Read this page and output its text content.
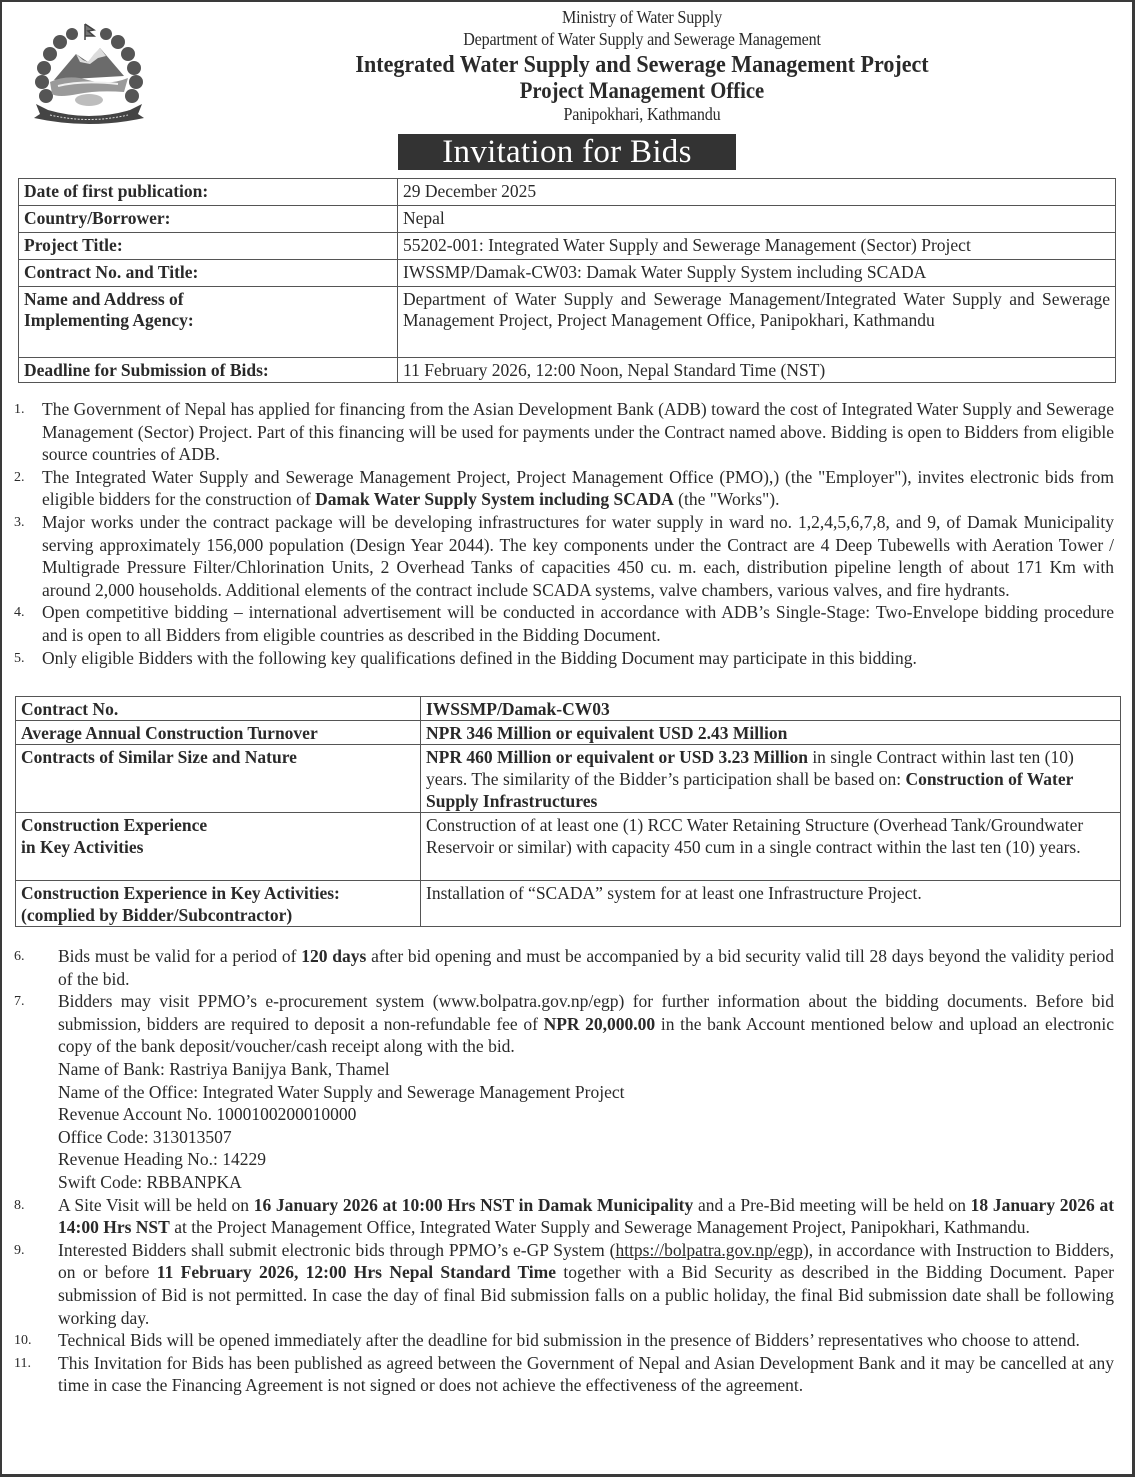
Ministry of Water Supply
Department of Water Supply and Sewerage Management
Integrated Water Supply and Sewerage Management Project
Project Management Office
Panipokhari, Kathmandu
Invitation for Bids
Date of first publication:	29 December 2025
Country/Borrower:	Nepal
Project Title:	55202-001: Integrated Water Supply and Sewerage Management (Sector) Project
Contract No. and Title:	IWSSMP/Damak-CW03: Damak Water Supply System including SCADA

Name and Address of
Implementing Agency:	Department of Water Supply and Sewerage Management/Integrated Water Supply and Sewerage Management Project, Project Management Office, Panipokhari, Kathmandu
Deadline for Submission of Bids:	11 February 2026, 12:00 Noon, Nepal Standard Time (NST)
1. The Government of Nepal has applied for financing from the Asian Development Bank (ADB) toward the cost of Integrated Water Supply and Sewerage Management (Sector) Project. Part of this financing will be used for payments under the Contract named above. Bidding is open to Bidders from eligible source countries of ADB.
2. The Integrated Water Supply and Sewerage Management Project, Project Management Office (PMO),) (the "Employer"), invites electronic bids from eligible bidders for the construction of Damak Water Supply System including SCADA (the "Works").
3. Major works under the contract package will be developing infrastructures for water supply in ward no. 1,2,4,5,6,7,8, and 9, of Damak Municipality serving approximately 156,000 population (Design Year 2044). The key components under the Contract are 4 Deep Tubewells with Aeration Tower / Multigrade Pressure Filter/Chlorination Units, 2 Overhead Tanks of capacities 450 cu. m. each, distribution pipeline length of about 171 Km with around 2,000 households. Additional elements of the contract include SCADA systems, valve chambers, various valves, and fire hydrants.
4. Open competitive bidding – international advertisement will be conducted in accordance with ADB’s Single-Stage: Two-Envelope bidding procedure and is open to all Bidders from eligible countries as described in the Bidding Document.
5. Only eligible Bidders with the following key qualifications defined in the Bidding Document may participate in this bidding.
Contract No.	IWSSMP/Damak-CW03
Average Annual Construction Turnover	NPR 346 Million or equivalent USD 2.43 Million
Contracts of Similar Size and Nature	NPR 460 Million or equivalent or USD 3.23 Million in single Contract within last ten (10) years. The similarity of the Bidder’s participation shall be based on: Construction of Water Supply Infrastructures

Construction Experience
in Key Activities	Construction of at least one (1) RCC Water Retaining Structure (Overhead Tank/Groundwater Reservoir or similar) with capacity 450 cum in a single contract within the last ten (10) years.

Construction Experience in Key Activities:
(complied by Bidder/Subcontractor)	Installation of “SCADA” system for at least one Infrastructure Project.
6. Bids must be valid for a period of 120 days after bid opening and must be accompanied by a bid security valid till 28 days beyond the validity period of the bid.
7. Bidders may visit PPMO’s e-procurement system (www.bolpatra.gov.np/egp) for further information about the bidding documents. Before bid submission, bidders are required to deposit a non-refundable fee of NPR 20,000.00 in the bank Account mentioned below and upload an electronic copy of the bank deposit/voucher/cash receipt along with the bid.
Name of Bank: Rastriya Banijya Bank, Thamel
Name of the Office: Integrated Water Supply and Sewerage Management Project
Revenue Account No. 1000100200010000
Office Code: 313013507
Revenue Heading No.: 14229
Swift Code: RBBANPKA
8. A Site Visit will be held on 16 January 2026 at 10:00 Hrs NST in Damak Municipality and a Pre-Bid meeting will be held on 18 January 2026 at 14:00 Hrs NST at the Project Management Office, Integrated Water Supply and Sewerage Management Project, Panipokhari, Kathmandu.
9. Interested Bidders shall submit electronic bids through PPMO’s e-GP System (https://bolpatra.gov.np/egp), in accordance with Instruction to Bidders, on or before 11 February 2026, 12:00 Hrs Nepal Standard Time together with a Bid Security as described in the Bidding Document. Paper submission of Bid is not permitted. In case the day of final Bid submission falls on a public holiday, the final Bid submission date shall be following working day.
10. Technical Bids will be opened immediately after the deadline for bid submission in the presence of Bidders’ representatives who choose to attend.
11. This Invitation for Bids has been published as agreed between the Government of Nepal and Asian Development Bank and it may be cancelled at any time in case the Financing Agreement is not signed or does not achieve the effectiveness of the agreement.
